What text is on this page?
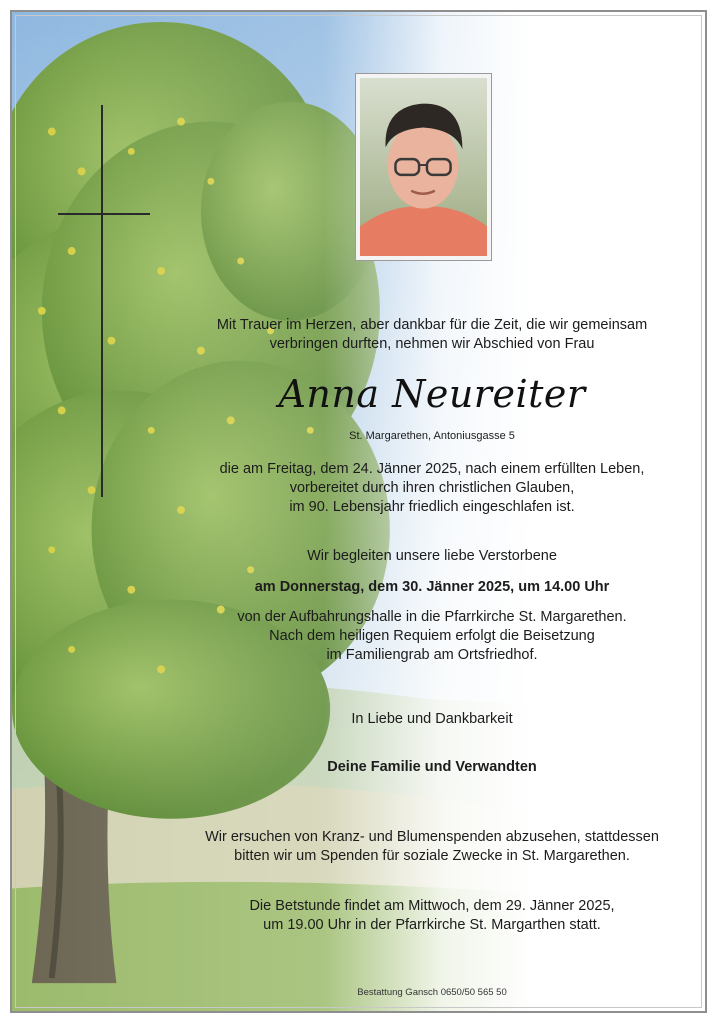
Mit Trauer im Herzen, aber dankbar für die Zeit, die wir gemeinsam
verbringen durften, nehmen wir Abschied von Frau
Anna Neureiter
St. Margarethen, Antoniusgasse 5
die am Freitag, dem 24. Jänner 2025, nach einem erfüllten Leben,
vorbereitet durch ihren christlichen Glauben,
im 90. Lebensjahr friedlich eingeschlafen ist.
Wir begleiten unsere liebe Verstorbene
am Donnerstag, dem 30. Jänner 2025, um 14.00 Uhr
von der Aufbahrungshalle in die Pfarrkirche St. Margarethen.
Nach dem heiligen Requiem erfolgt die Beisetzung
im Familiengrab am Ortsfriedhof.
In Liebe und Dankbarkeit
Deine Familie und Verwandten
Wir ersuchen von Kranz- und Blumenspenden abzusehen, stattdessen
bitten wir um Spenden für soziale Zwecke in St. Margarethen.
Die Betstunde findet am Mittwoch, dem 29. Jänner 2025,
um 19.00 Uhr in der Pfarrkirche St. Margarthen statt.
Bestattung Gansch 0650/50 565 50
